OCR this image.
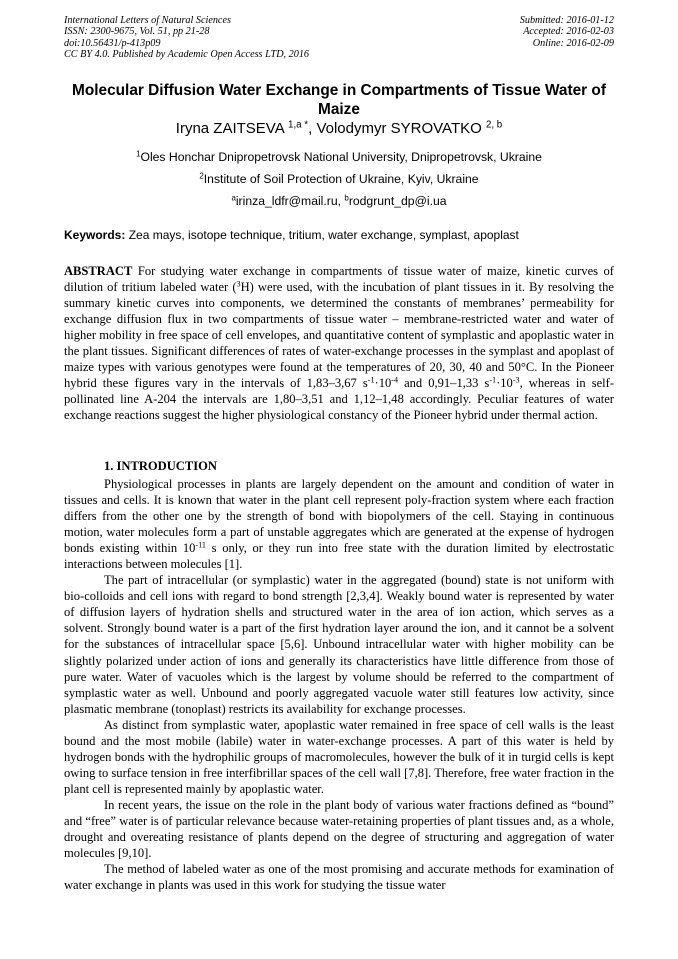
International Letters of Natural Sciences
ISSN: 2300-9675, Vol. 51, pp 21-28
doi:10.56431/p-413p09
CC BY 4.0. Published by Academic Open Access LTD, 2016
Submitted: 2016-01-12
Accepted: 2016-02-03
Online: 2016-02-09
Molecular Diffusion Water Exchange in Compartments of Tissue Water of Maize
Iryna ZAITSEVA $^{1,a *}$, Volodymyr SYROVATKO $^{2, b}$
$^1$Oles Honchar Dnipropetrovsk National University, Dnipropetrovsk, Ukraine
$^2$Institute of Soil Protection of Ukraine, Kyiv, Ukraine
$^a$irinza_ldfr@mail.ru, $^b$rodgrunt_dp@i.ua
Keywords: Zea mays, isotope technique, tritium, water exchange, symplast, apoplast
ABSTRACT For studying water exchange in compartments of tissue water of maize, kinetic curves of dilution of tritium labeled water ($^3$H) were used, with the incubation of plant tissues in it. By resolving the summary kinetic curves into components, we determined the constants of membranes’ permeability for exchange diffusion flux in two compartments of tissue water – membrane-restricted water and water of higher mobility in free space of cell envelopes, and quantitative content of symplastic and apoplastic water in the plant tissues. Significant differences of rates of water-exchange processes in the symplast and apoplast of maize types with various genotypes were found at the temperatures of 20, 30, 40 and 50°C. In the Pioneer hybrid these figures vary in the intervals of 1,83–3,67 $s^{-1}\cdot 10^{-4}$ and 0,91–1,33 $s^{-1}\cdot 10^{-3}$, whereas in self-pollinated line A-204 the intervals are 1,80–3,51 and 1,12–1,48 accordingly. Peculiar features of water exchange reactions suggest the higher physiological constancy of the Pioneer hybrid under thermal action.
1. INTRODUCTION

Physiological processes in plants are largely dependent on the amount and condition of water in tissues and cells. It is known that water in the plant cell represent poly-fraction system where each fraction differs from the other one by the strength of bond with biopolymers of the cell. Staying in continuous motion, water molecules form a part of unstable aggregates which are generated at the expense of hydrogen bonds existing within $10^{-11}$ s only, or they run into free state with the duration limited by electrostatic interactions between molecules [1].

The part of intracellular (or symplastic) water in the aggregated (bound) state is not uniform with bio-colloids and cell ions with regard to bond strength [2,3,4]. Weakly bound water is represented by water of diffusion layers of hydration shells and structured water in the area of ion action, which serves as a solvent. Strongly bound water is a part of the first hydration layer around the ion, and it cannot be a solvent for the substances of intracellular space [5,6]. Unbound intracellular water with higher mobility can be slightly polarized under action of ions and generally its characteristics have little difference from those of pure water. Water of vacuoles which is the largest by volume should be referred to the compartment of symplastic water as well. Unbound and poorly aggregated vacuole water still features low activity, since plasmatic membrane (tonoplast) restricts its availability for exchange processes.

As distinct from symplastic water, apoplastic water remained in free space of cell walls is the least bound and the most mobile (labile) water in water-exchange processes. A part of this water is held by hydrogen bonds with the hydrophilic groups of macromolecules, however the bulk of it in turgid cells is kept owing to surface tension in free interfibrillar spaces of the cell wall [7,8]. Therefore, free water fraction in the plant cell is represented mainly by apoplastic water.

In recent years, the issue on the role in the plant body of various water fractions defined as “bound” and “free” water is of particular relevance because water-retaining properties of plant tissues and, as a whole, drought and overeating resistance of plants depend on the degree of structuring and aggregation of water molecules [9,10].

The method of labeled water as one of the most promising and accurate methods for examination of water exchange in plants was used in this work for studying the tissue water
